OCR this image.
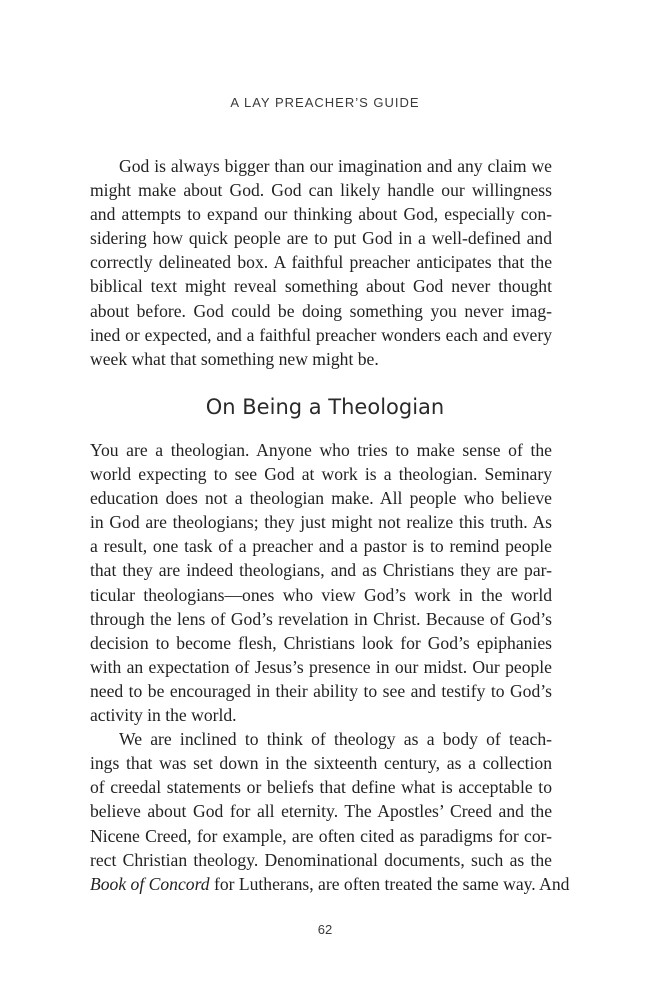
A LAY PREACHER’S GUIDE
God is always bigger than our imagination and any claim we
might make about God. God can likely handle our willingness
and attempts to expand our thinking about God, especially con-
sidering how quick people are to put God in a well-defined and
correctly delineated box. A faithful preacher anticipates that the
biblical text might reveal something about God never thought
about before. God could be doing something you never imag-
ined or expected, and a faithful preacher wonders each and every
week what that something new might be.
On Being a Theologian
You are a theologian. Anyone who tries to make sense of the
world expecting to see God at work is a theologian. Seminary
education does not a theologian make. All people who believe
in God are theologians; they just might not realize this truth. As
a result, one task of a preacher and a pastor is to remind people
that they are indeed theologians, and as Christians they are par-
ticular theologians—ones who view God’s work in the world
through the lens of God’s revelation in Christ. Because of God’s
decision to become flesh, Christians look for God’s epiphanies
with an expectation of Jesus’s presence in our midst. Our people
need to be encouraged in their ability to see and testify to God’s
activity in the world.
We are inclined to think of theology as a body of teach-
ings that was set down in the sixteenth century, as a collection
of creedal statements or beliefs that define what is acceptable to
believe about God for all eternity. The Apostles’ Creed and the
Nicene Creed, for example, are often cited as paradigms for cor-
rect Christian theology. Denominational documents, such as the
Book of Concord for Lutherans, are often treated the same way. And
62
